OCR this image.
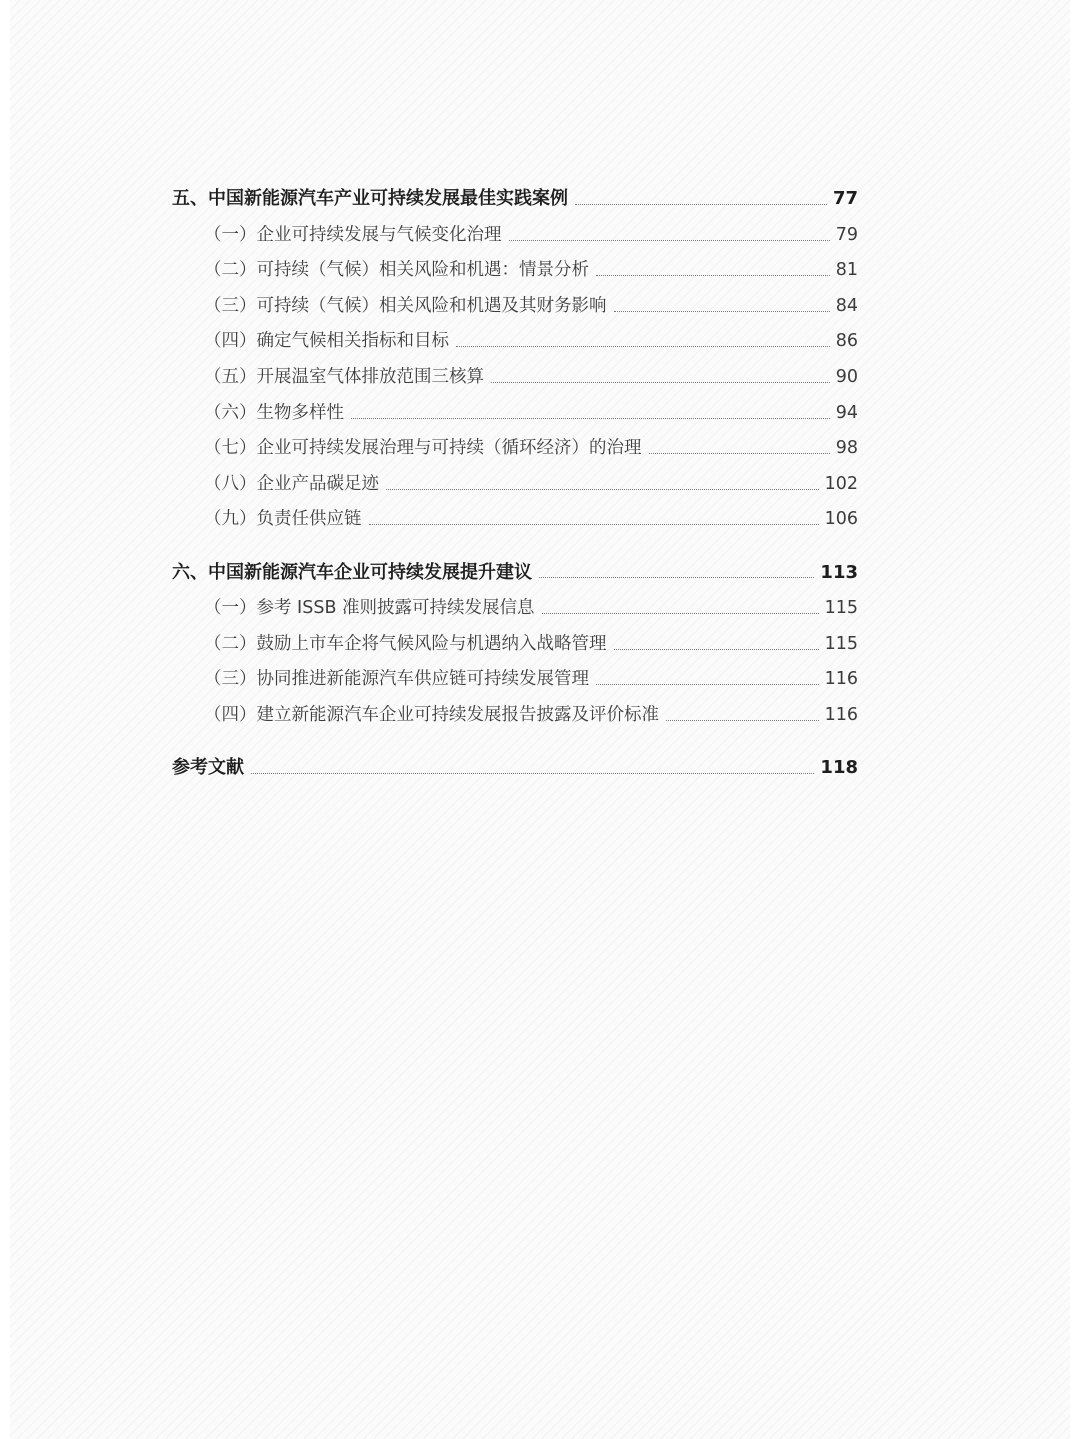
五、中国新能源汽车产业可持续发展最佳实践案例	77
（一）企业可持续发展与气候变化治理	79
（二）可持续（气候）相关风险和机遇：情景分析	81
（三）可持续（气候）相关风险和机遇及其财务影响	84
（四）确定气候相关指标和目标	86
（五）开展温室气体排放范围三核算	90
（六）生物多样性	94
（七）企业可持续发展治理与可持续（循环经济）的治理	98
（八）企业产品碳足迹	102
（九）负责任供应链	106
六、中国新能源汽车企业可持续发展提升建议	113
（一）参考 ISSB 准则披露可持续发展信息	115
（二）鼓励上市车企将气候风险与机遇纳入战略管理	115
（三）协同推进新能源汽车供应链可持续发展管理	116
（四）建立新能源汽车企业可持续发展报告披露及评价标准	116
参考文献	118
